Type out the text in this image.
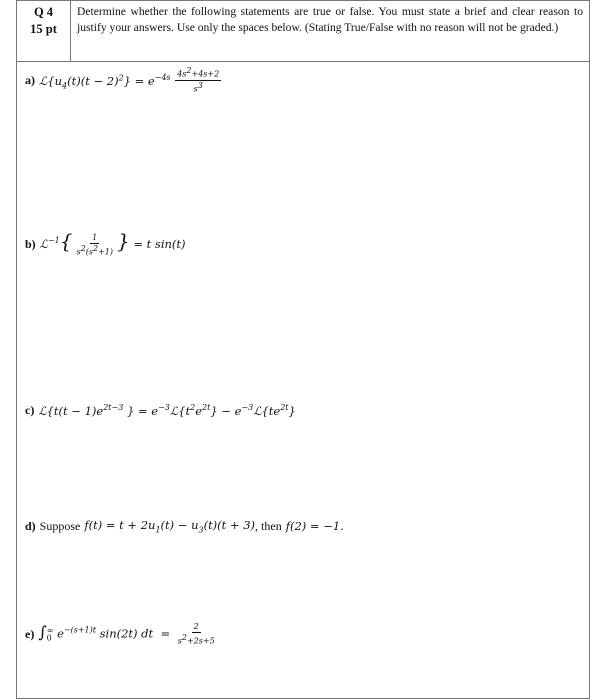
Q 4
15 pt
Determine whether the following statements are true or false. You must state a brief and clear reason to justify your answers. Use only the spaces below. (Stating True/False with no reason will not be graded.)
a) $ℒ\{u_4(t)(t - 2)^2\} = e^{-4s \frac{4s^2+4s+2}{s^3}}$
b) ℒ$^{-1}${ $\frac{1}{s^2(s^2+1)}$ } = t sin(t)
c) ℒ{t(t − $1)e^{2t-3}$ } = $e^{-3}ℒ\{t^2e^{2t}\}$ − $e^{-3}ℒ\{te^{2t}\}$
d) Suppose $f(t) = t + 2u_1(t) - u_3(t)(t + 3)$ , then f(2) = −1.
e) $\int_0^\infty$ $e^{-(s+1)t}$ sin(2t) dt  = $\frac{2}{s^2+2s+5}$
